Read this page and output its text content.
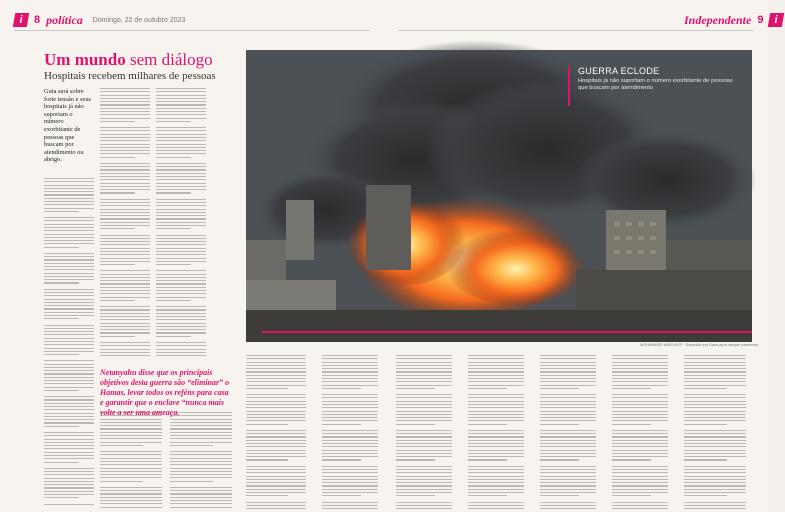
i 8 política Domingo, 22 de outubro 2023
Um mundo sem diálogo
Hospitais recebem milhares de pessoas
Guia será sobre forte tensão e seus hospitais já não suportam o número exorbitante de pessoas que buscam por atendimento ou abrigo.
Netanyahu disse que os principais objetivos desta guerra são “eliminar” o Hamas, levar todos os reféns para casa e garantir que o enclave “nunca mais volte a ser uma ameaça.
Independente 9 i
GUERRA ECLODE
Hospitais já não suportam o número exorbitante de pessoas que buscam por atendimento
MOHAMMED ABED/AFP · Explosão em Gaza após ataque israelense
